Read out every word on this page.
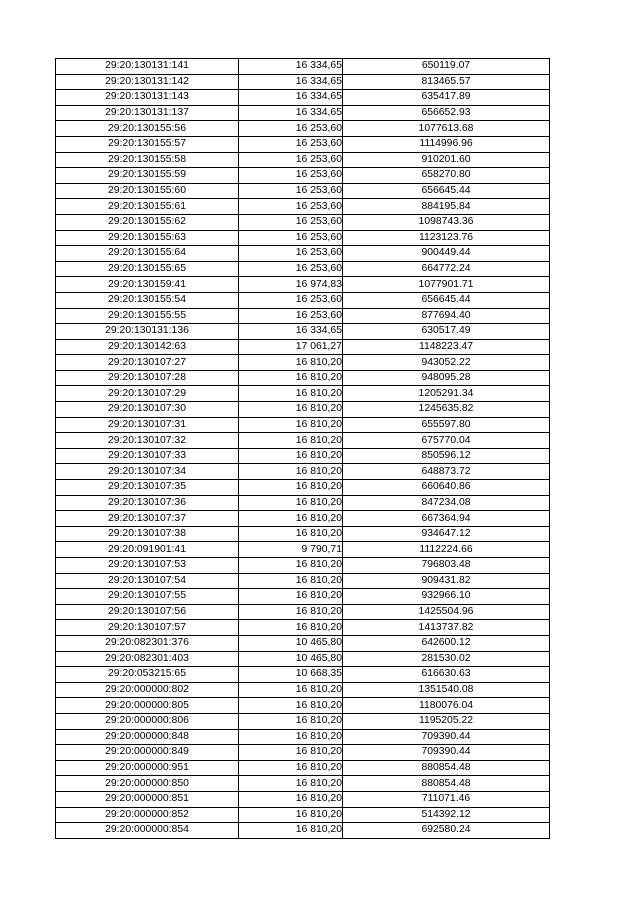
29:20:130131:141	16 334,65	650119.07
29:20:130131:142	16 334,65	813465.57
29:20:130131:143	16 334,65	635417.89
29:20:130131:137	16 334,65	656652.93
29:20:130155:56	16 253,60	1077613.68
29:20:130155:57	16 253,60	1114996.96
29:20:130155:58	16 253,60	910201.60
29:20:130155:59	16 253,60	658270.80
29:20:130155:60	16 253,60	656645.44
29:20:130155:61	16 253,60	884195.84
29:20:130155:62	16 253,60	1098743.36
29:20:130155:63	16 253,60	1123123.76
29:20:130155:64	16 253,60	900449.44
29:20:130155:65	16 253,60	664772.24
29:20:130159:41	16 974,83	1077901.71
29:20:130155:54	16 253,60	656645.44
29:20:130155:55	16 253,60	877694.40
29:20:130131:136	16 334,65	630517.49
29:20:130142:63	17 061,27	1148223.47
29:20:130107:27	16 810,20	943052.22
29:20:130107:28	16 810,20	948095.28
29:20:130107:29	16 810,20	1205291.34
29:20:130107:30	16 810,20	1245635.82
29:20:130107:31	16 810,20	655597.80
29:20:130107:32	16 810,20	675770.04
29:20:130107:33	16 810,20	850596.12
29:20:130107:34	16 810,20	648873.72
29:20:130107:35	16 810,20	660640.86
29:20:130107:36	16 810,20	847234.08
29:20:130107:37	16 810,20	667364.94
29:20:130107:38	16 810,20	934647.12
29:20:091901:41	9 790,71	1112224.66
29:20:130107:53	16 810,20	796803.48
29:20:130107:54	16 810,20	909431.82
29:20:130107:55	16 810,20	932966.10
29:20:130107:56	16 810,20	1425504.96
29:20:130107:57	16 810,20	1413737.82
29:20:082301:376	10 465,80	642600.12
29:20:082301:403	10 465,80	281530.02
29:20:053215:65	10 668,35	616630.63
29:20:000000:802	16 810,20	1351540.08
29:20:000000:805	16 810,20	1180076.04
29:20:000000:806	16 810,20	1195205.22
29:20:000000:848	16 810,20	709390.44
29:20:000000:849	16 810,20	709390.44
29:20:000000:951	16 810,20	880854.48
29:20:000000:850	16 810,20	880854.48
29:20:000000:851	16 810,20	711071.46
29:20:000000:852	16 810,20	514392.12
29:20:000000:854	16 810,20	692580.24
